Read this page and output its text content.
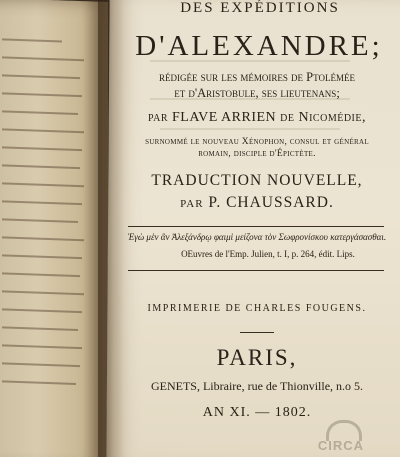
DES EXPÉDITIONS
D'ALEXANDRE;
rédigée sur les mémoires de Ptolémée
et d'Aristobule, ses lieutenans;
par FLAVE ARRIEN de Nicomédie,
surnommé le nouveau Xénophon, consul et général
romain, disciple d'Épictète.
TRADUCTION NOUVELLE,
par P. CHAUSSARD.
Ἐγὼ μὲν ἂν Ἀλεξάνδρῳ φαιμὶ μείζονα τὸν Σωφρονίσκου κατεργάσασθαι.
OEuvres de l'Emp. Julien, t. I, p. 264, édit. Lips.
IMPRIMERIE DE CHARLES FOUGENS.
PARIS,
GENETS, Libraire, rue de Thionville, n.o 5.
AN XI. — 1802.
CIRCA
